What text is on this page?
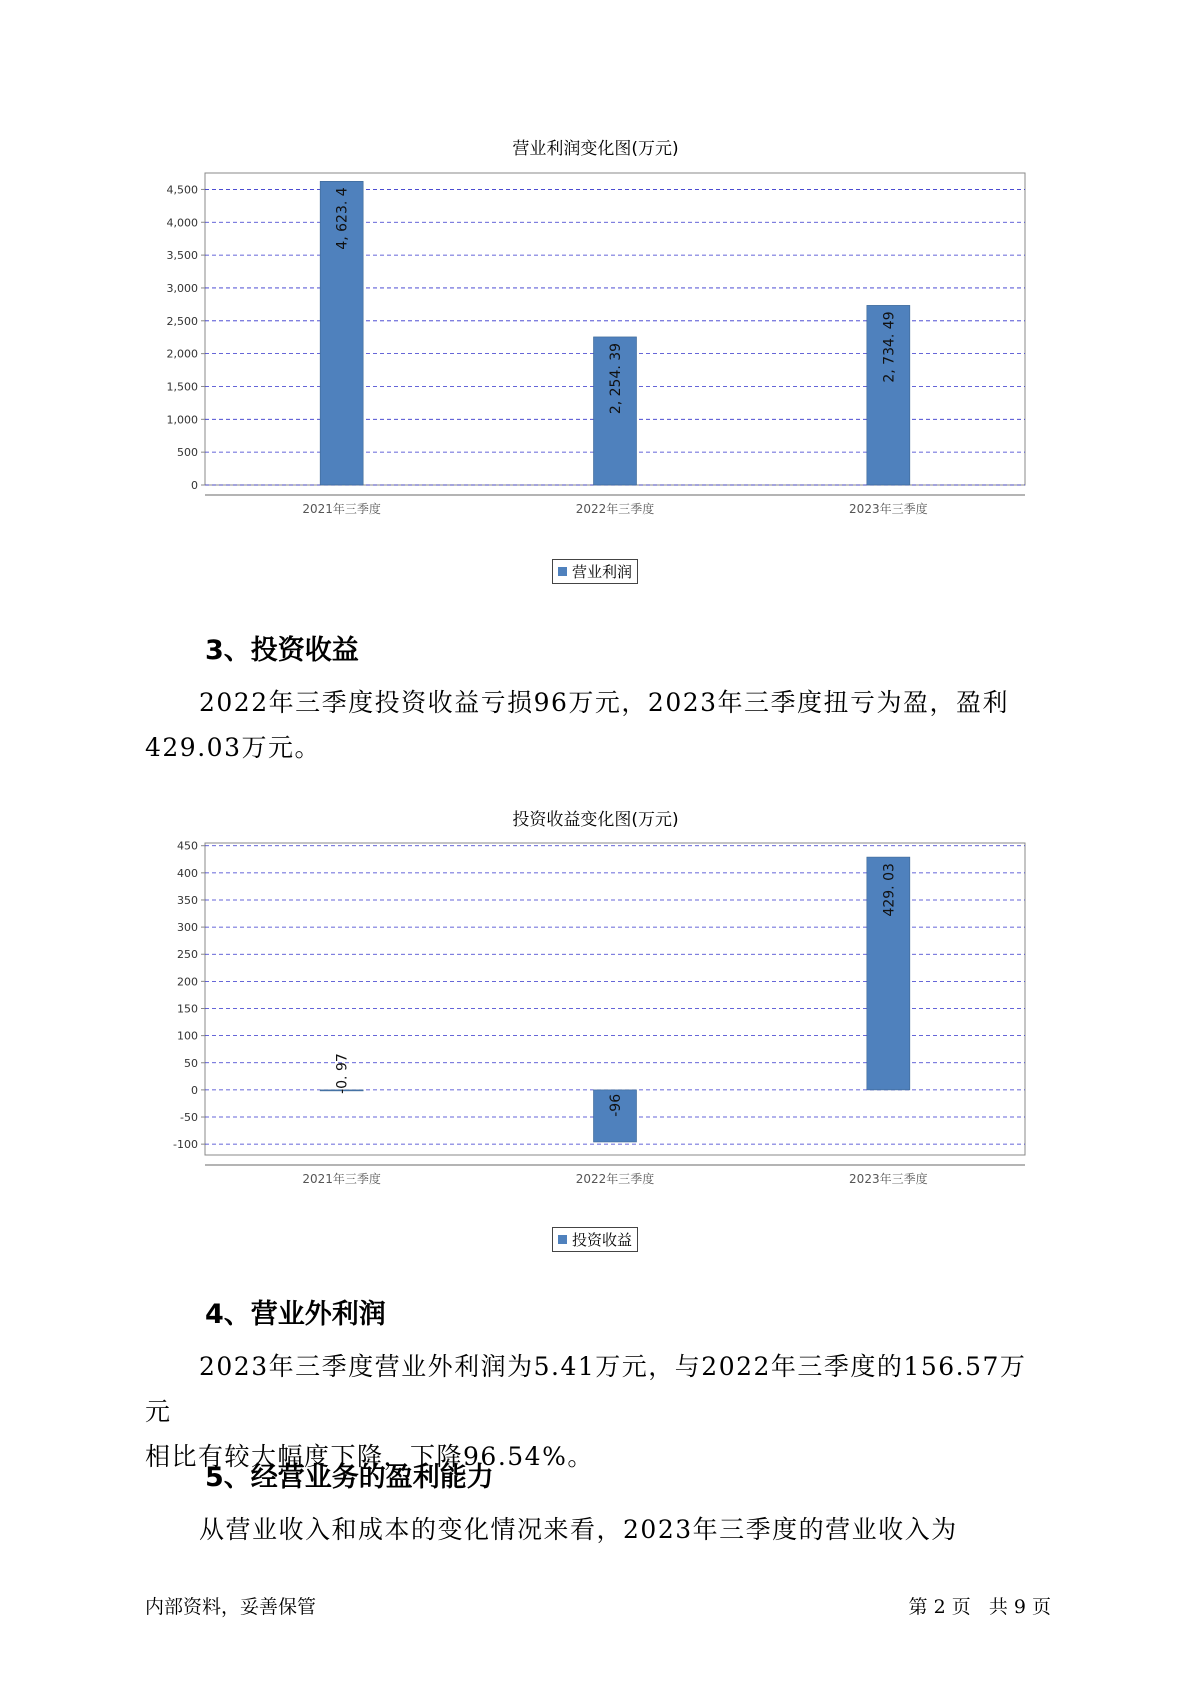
营业利润变化图(万元)
0
500
1,000
1,500
2,000
2,500
3,000
3,500
4,000
4,500	4, 623. 4
2021年三季度
2, 254. 39
2022年三季度
2, 734. 49
2023年三季度
营业利润
3、投资收益
2022年三季度投资收益亏损96万元，2023年三季度扭亏为盈，盈利
429.03万元。
投资收益变化图(万元)
-100
-50
0
50
100
150
200
250
300
350
400
450
-0. 97
2021年三季度
-96
2022年三季度
429. 03
2023年三季度
投资收益
4、营业外利润
2023年三季度营业外利润为5.41万元，与2022年三季度的156.57万元
相比有较大幅度下降，下降96.54%。
5、经营业务的盈利能力
从营业收入和成本的变化情况来看，2023年三季度的营业收入为
内部资料，妥善保管	第 2 页   共 9 页
